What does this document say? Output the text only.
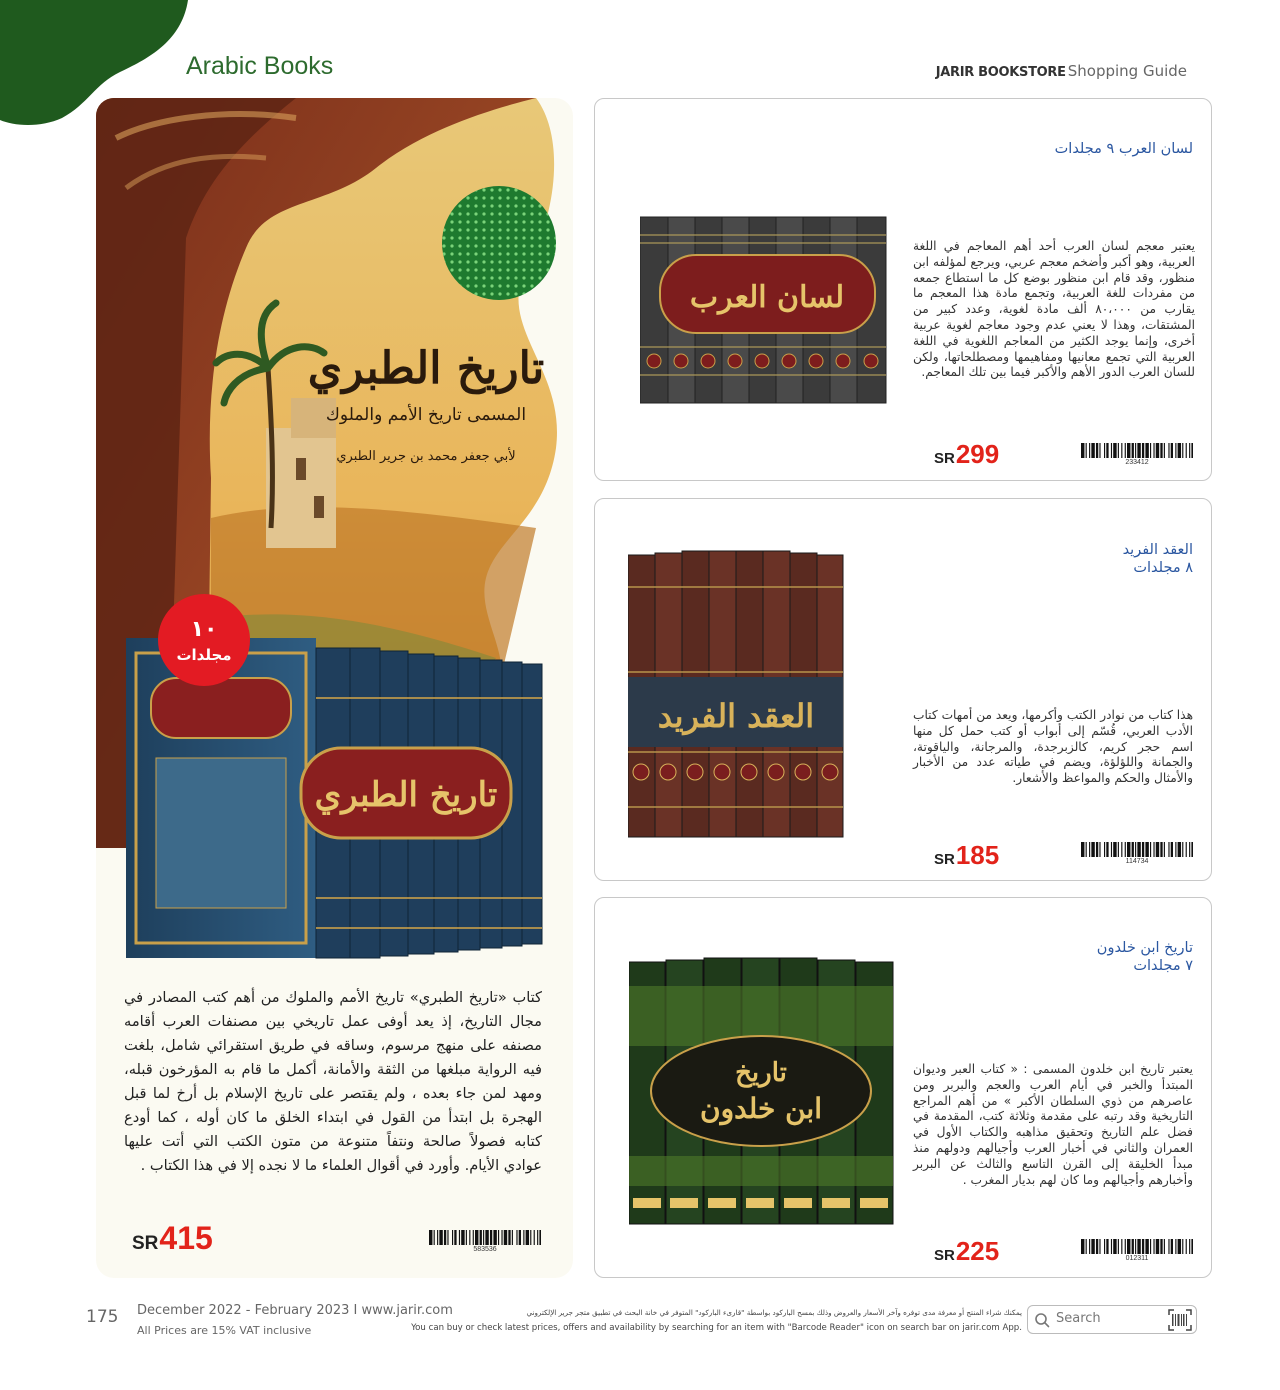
Arabic Books	JARIR BOOKSTORE Shopping Guide
تاريخ الطبري
المسمى تاريخ الأمم والملوك
لأبي جعفر محمد بن جرير الطبري
تاريخ الطبري
١٠
مجلدات

كتاب «تاريخ الطبري» تاريخ الأمم والملوك من أهم كتب المصادر في مجال التاريخ، إذ يعد أوفى عمل تاريخي بين مصنفات العرب أقامه مصنفه على منهج مرسوم، وساقه في طريق استقرائي شامل، بلغت فيه الرواية مبلغها من الثقة والأمانة، أكمل ما قام به المؤرخون قبله، ومهد لمن جاء بعده ، ولم يقتصر على تاريخ الإسلام بل أرخ لما قبل الهجرة بل ابتدأ من القول في ابتداء الخلق ما كان أوله ، كما أودع كتابه فصولاً صالحة ونتفاً متنوعة من متون الكتب التي أتت عليها عوادي الأيام. وأورد في أقوال العلماء ما لا نجده إلا في هذا الكتاب .

SR 415	583536
لسان العرب ٩ مجلدات
لسان العرب

يعتبر معجم لسان العرب أحد أهم المعاجم في اللغة العربية، وهو أكبر وأضخم معجم عربي، ويرجع لمؤلفه ابن منظور، وقد قام ابن منظور بوضع كل ما استطاع جمعه من مفردات للغة العربية، وتجمع مادة هذا المعجم ما يقارب من ٨٠،٠٠٠ ألف مادة لغوية، وعدد كبير من المشتقات، وهذا لا يعني عدم وجود معاجم لغوية عربية أخرى، وإنما يوجد الكثير من المعاجم اللغوية في اللغة العربية التي تجمع معانيها ومفاهيمها ومصطلحاتها، ولكن للسان العرب الدور الأهم والأكبر فيما بين تلك المعاجم.

SR 299	233412
العقد الفريد
٨ مجلدات
العقد الفريد	هذا كتاب من نوادر الكتب وأكرمها، ويعد من أمهات كتاب الأدب العربي، قُسّم إلى أبواب أو كتب حمل كل منها اسم حجر كريم، كالزبرجدة، والمرجانة، والياقوتة، والجمانة واللؤلؤة، ويضم في طياته عدد من الأخبار والأمثال والحكم والمواعظ والأشعار.

SR 185	114734
تاريخ ابن خلدون
٧ مجلدات
تاريخ
ابن خلدون

يعتبر تاريخ ابن خلدون المسمى : « كتاب العبر وديوان المبتدأ والخبر في أيام العرب والعجم والبربر ومن عاصرهم من ذوي السلطان الأكبر » من أهم المراجع التاريخية وقد رتبه على مقدمة وثلاثة كتب، المقدمة في فضل علم التاريخ وتحقيق مذاهبه والكتاب الأول في العمران والثاني في أخبار العرب وأجيالهم ودولهم منذ مبدأ الخليقة إلى القرن التاسع والثالث عن البربر وأخبارهم وأجيالهم وما كان لهم بديار المغرب .

SR 225	012311
175 December 2022 - February 2023 I www.jarir.com
All Prices are 15% VAT inclusive
يمكنك شراء المنتج أو معرفة مدى توفره وآخر الأسعار والعروض وذلك بمسح الباركود بواسطة "قارىء الباركود" المتوفر في خانة البحث في تطبيق متجر جرير الإلكتروني
You can buy or check latest prices, offers and availability by searching for an item with "Barcode Reader" icon on search bar on jarir.com App.
Search
